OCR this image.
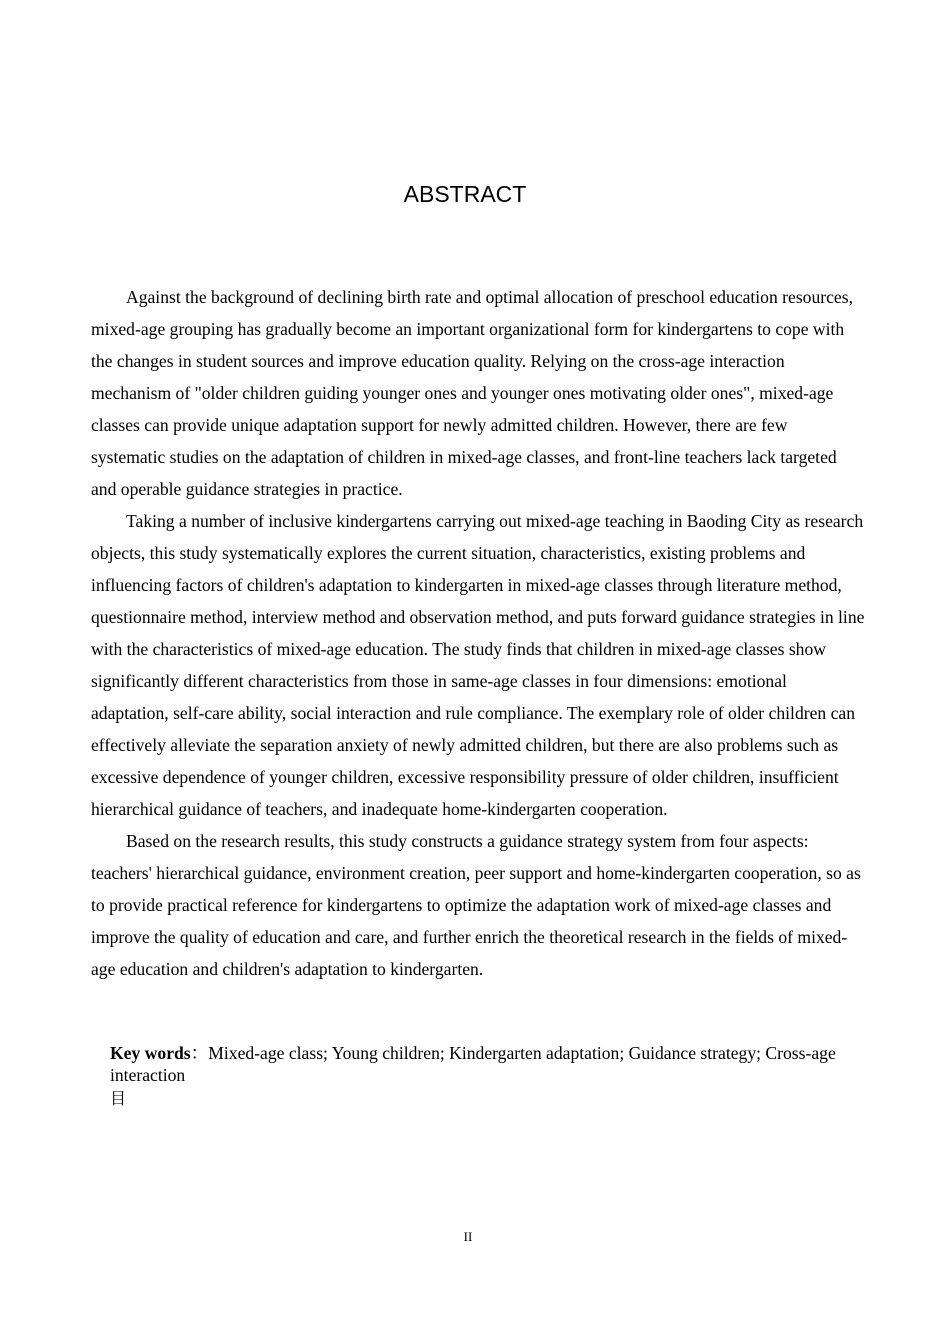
ABSTRACT

Against the background of declining birth rate and optimal allocation of preschool education resources, mixed-age grouping has gradually become an important organizational form for kindergartens to cope with the changes in student sources and improve education quality. Relying on the cross-age interaction mechanism of "older children guiding younger ones and younger ones motivating older ones", mixed-age classes can provide unique adaptation support for newly admitted children. However, there are few systematic studies on the adaptation of children in mixed-age classes, and front-line teachers lack targeted and operable guidance strategies in practice.

Taking a number of inclusive kindergartens carrying out mixed-age teaching in Baoding City as research objects, this study systematically explores the current situation, characteristics, existing problems and influencing factors of children's adaptation to kindergarten in mixed-age classes through literature method, questionnaire method, interview method and observation method, and puts forward guidance strategies in line with the characteristics of mixed-age education. The study finds that children in mixed-age classes show significantly different characteristics from those in same-age classes in four dimensions: emotional adaptation, self-care ability, social interaction and rule compliance. The exemplary role of older children can effectively alleviate the separation anxiety of newly admitted children, but there are also problems such as excessive dependence of younger children, excessive responsibility pressure of older children, insufficient hierarchical guidance of teachers, and inadequate home-kindergarten cooperation.

Based on the research results, this study constructs a guidance strategy system from four aspects: teachers' hierarchical guidance, environment creation, peer support and home-kindergarten cooperation, so as to provide practical reference for kindergartens to optimize the adaptation work of mixed-age classes and improve the quality of education and care, and further enrich the theoretical research in the fields of mixed-age education and children's adaptation to kindergarten.

Key words：Mixed-age class; Young children; Kindergarten adaptation; Guidance strategy; Cross-age interaction
目
II
